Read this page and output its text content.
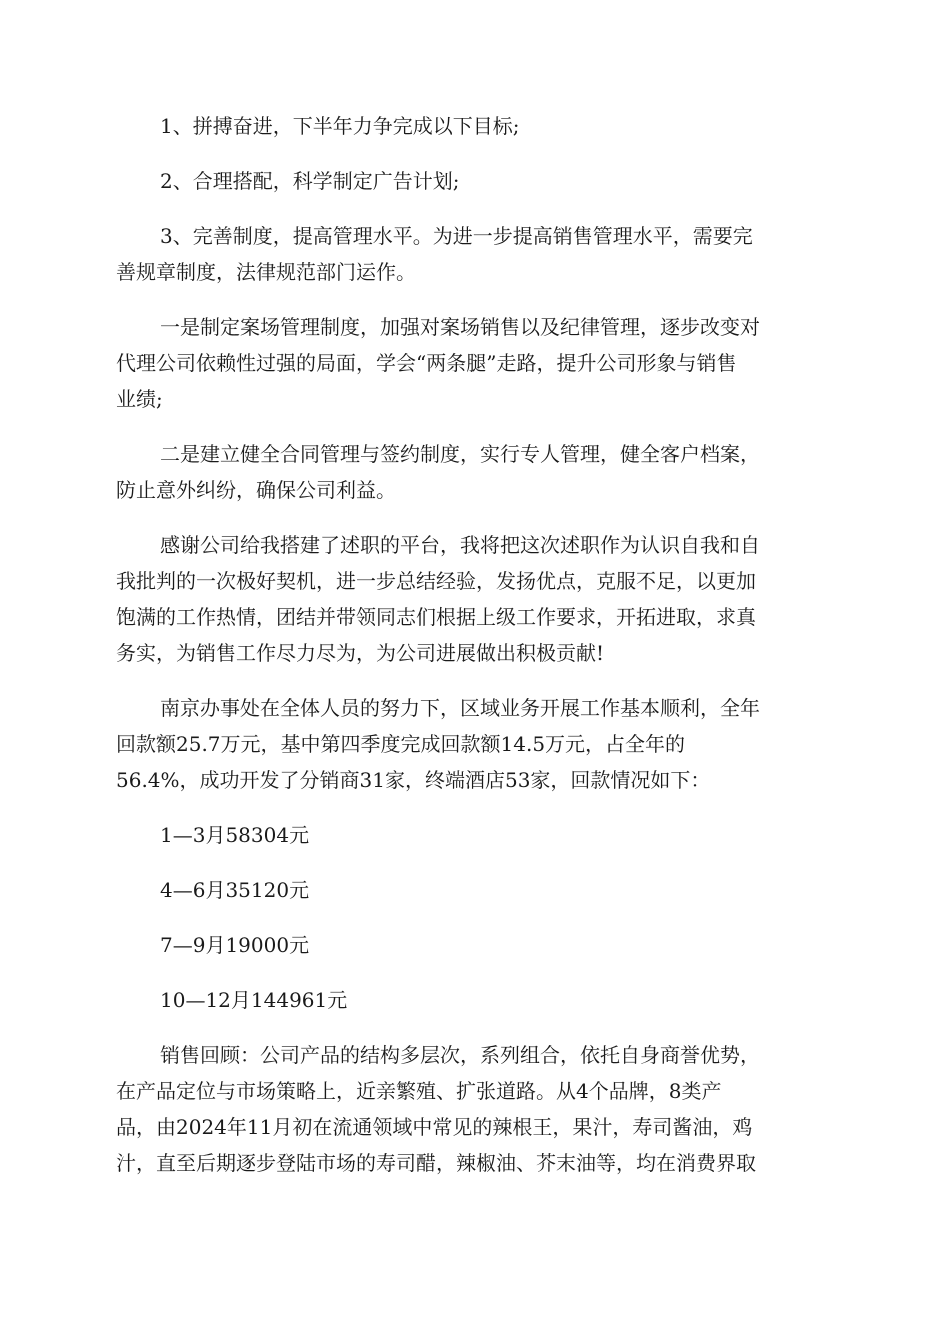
1、拼搏奋进，下半年力争完成以下目标;
2、合理搭配，科学制定广告计划;
3、完善制度，提高管理水平。为进一步提高销售管理水平，需要完
善规章制度，法律规范部门运作。
一是制定案场管理制度，加强对案场销售以及纪律管理，逐步改变对
代理公司依赖性过强的局面，学会“两条腿”走路，提升公司形象与销售
业绩;
二是建立健全合同管理与签约制度，实行专人管理，健全客户档案，
防止意外纠纷，确保公司利益。
感谢公司给我搭建了述职的平台，我将把这次述职作为认识自我和自
我批判的一次极好契机，进一步总结经验，发扬优点，克服不足，以更加
饱满的工作热情，团结并带领同志们根据上级工作要求，开拓进取，求真
务实，为销售工作尽力尽为，为公司进展做出积极贡献!
南京办事处在全体人员的努力下，区域业务开展工作基本顺利，全年
回款额25.7万元，基中第四季度完成回款额14.5万元，占全年的
56.4%，成功开发了分销商31家，终端酒店53家，回款情况如下：
1—3月58304元
4—6月35120元
7—9月19000元
10—12月144961元
销售回顾：公司产品的结构多层次，系列组合，依托自身商誉优势，
在产品定位与市场策略上，近亲繁殖、扩张道路。从4个品牌，8类产
品，由2024年11月初在流通领域中常见的辣根王，果汁，寿司酱油，鸡
汁，直至后期逐步登陆市场的寿司醋，辣椒油、芥末油等，均在消费界取
